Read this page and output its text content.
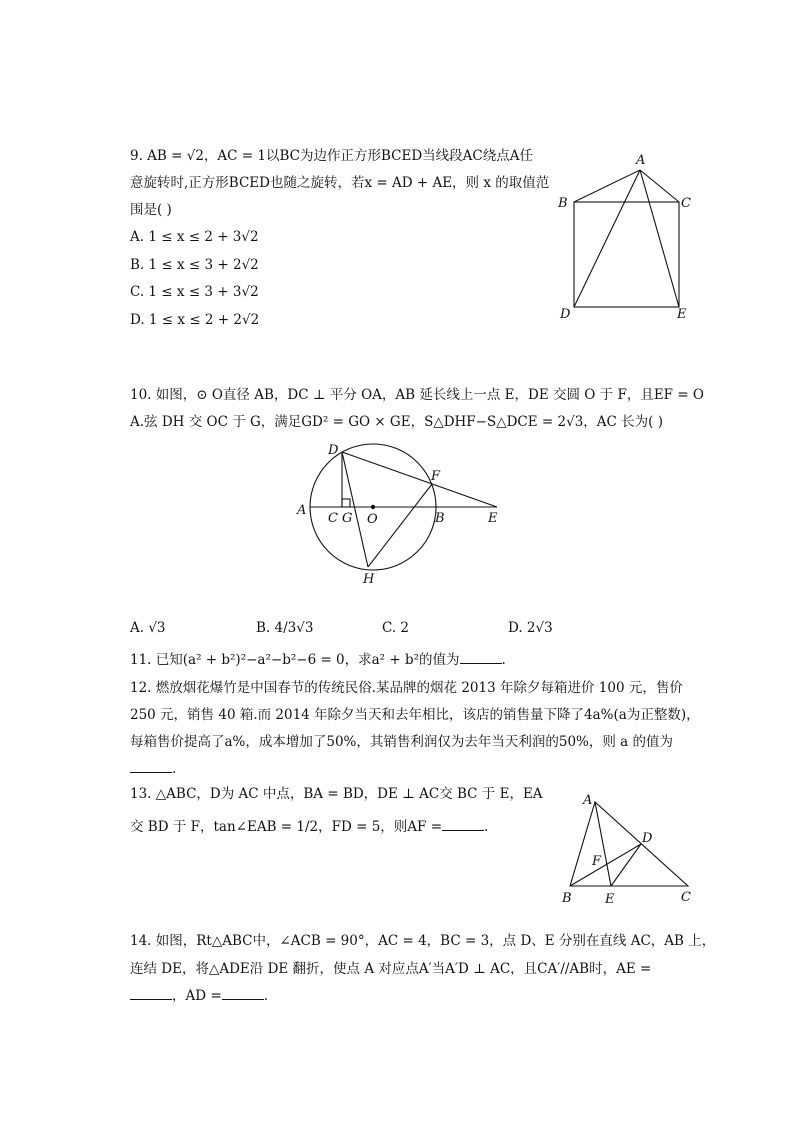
9. AB = √2，AC = 1以BC为边作正方形BCED当线段AC绕点A任
意旋转时,正方形BCED也随之旋转，若x = AD + AE，则 x 的取值范
围是( )
A. 1 ≤ x ≤ 2 + 3√2
B. 1 ≤ x ≤ 3 + 2√2
C. 1 ≤ x ≤ 3 + 3√2
D. 1 ≤ x ≤ 2 + 2√2
A
B	C
D	E
10. 如图，⊙ O直径 AB，DC ⊥ 平分 OA，AB 延长线上一点 E，DE 交圆 O 于 F，且EF = O
A.弦 DH 交 OC 于 G，满足GD² = GO × GE，S△DHF−S△DCE = 2√3，AC 长为( )
D
F
A
C G O	B	E
H
A. √3	B. 4/3√3	C. 2	D. 2√3
11. 已知(a² + b²)²−a²−b²−6 = 0，求a² + b²的值为	.
12. 燃放烟花爆竹是中国春节的传统民俗.某品牌的烟花 2013 年除夕每箱进价 100 元，售价
250 元，销售 40 箱.而 2014 年除夕当天和去年相比，该店的销售量下降了4a%(a为正整数)，
每箱售价提高了a%，成本增加了50%，其销售利润仅为去年当天利润的50%，则 a 的值为
.
13. △ABC，D为 AC 中点，BA = BD，DE ⊥ AC交 BC 于 E，EA
交 BD 于 F，tan∠EAB = 1/2，FD = 5，则AF =	.
A
D
F
B	E	C
14. 如图，Rt△ABC中，∠ACB = 90°，AC = 4，BC = 3，点 D、E 分别在直线 AC，AB 上，
连结 DE，将△ADE沿 DE 翻折，使点 A 对应点A′当A′D ⊥ AC，且CA′//AB时，AE =
，AD =	.
